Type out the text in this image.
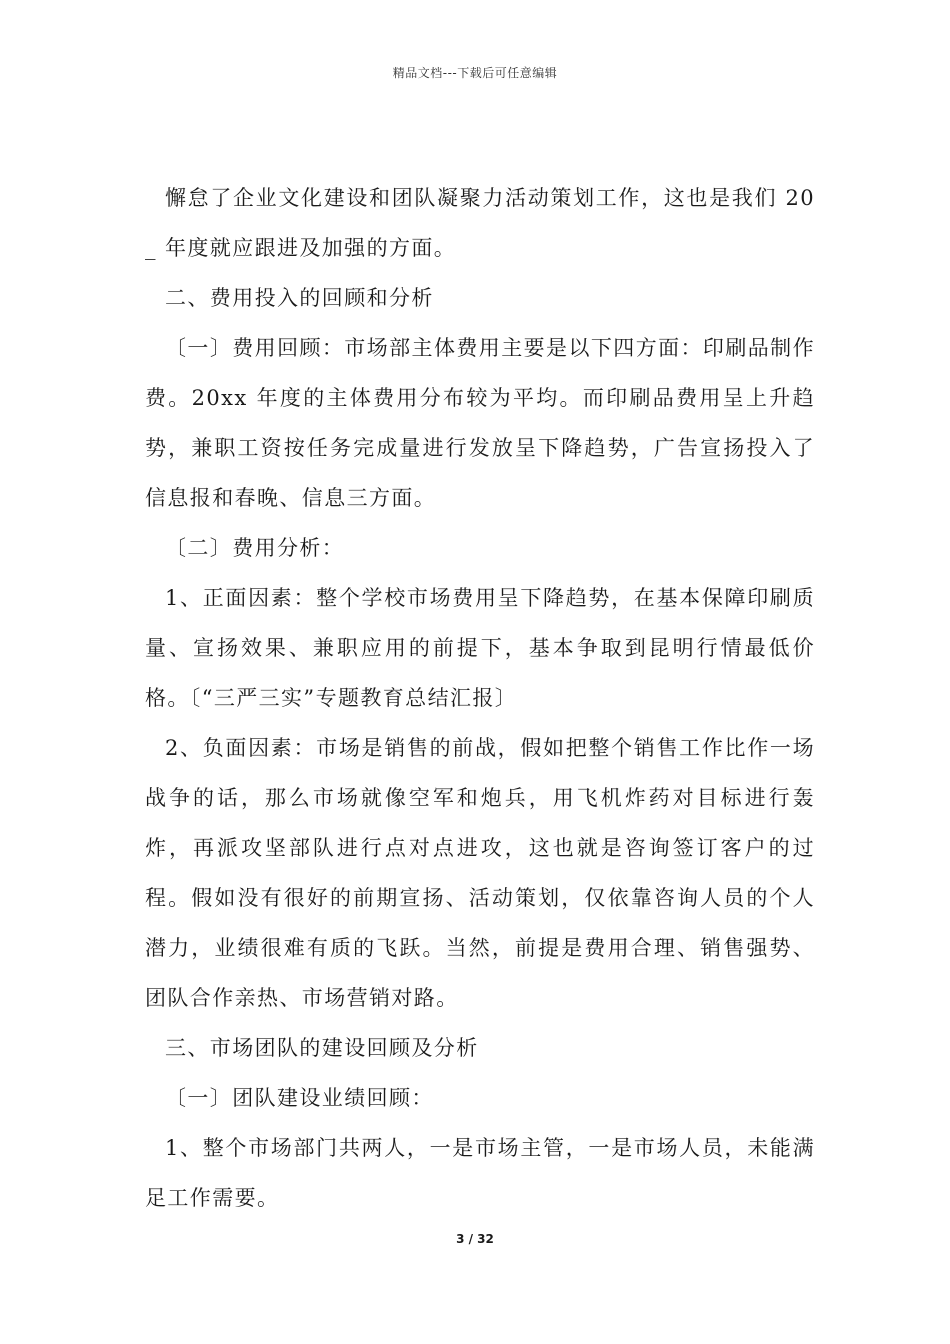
精品文档---下载后可任意编辑

懈怠了企业文化建设和团队凝聚力活动策划工作，这也是我们 20_ 年度就应跟进及加强的方面。

二、费用投入的回顾和分析

〔一〕费用回顾：市场部主体费用主要是以下四方面：印刷品制作费。20xx 年度的主体费用分布较为平均。而印刷品费用呈上升趋势，兼职工资按任务完成量进行发放呈下降趋势，广告宣扬投入了信息报和春晚、信息三方面。

〔二〕费用分析：

1、正面因素：整个学校市场费用呈下降趋势，在基本保障印刷质量、宣扬效果、兼职应用的前提下，基本争取到昆明行情最低价格。〔“三严三实”专题教育总结汇报〕

2、负面因素：市场是销售的前战，假如把整个销售工作比作一场战争的话，那么市场就像空军和炮兵，用飞机炸药对目标进行轰炸，再派攻坚部队进行点对点进攻，这也就是咨询签订客户的过程。假如没有很好的前期宣扬、活动策划，仅依靠咨询人员的个人潜力，业绩很难有质的飞跃。当然，前提是费用合理、销售强势、团队合作亲热、市场营销对路。

三、市场团队的建设回顾及分析

〔一〕团队建设业绩回顾：

1、整个市场部门共两人，一是市场主管，一是市场人员，未能满足工作需要。

3 / 32
